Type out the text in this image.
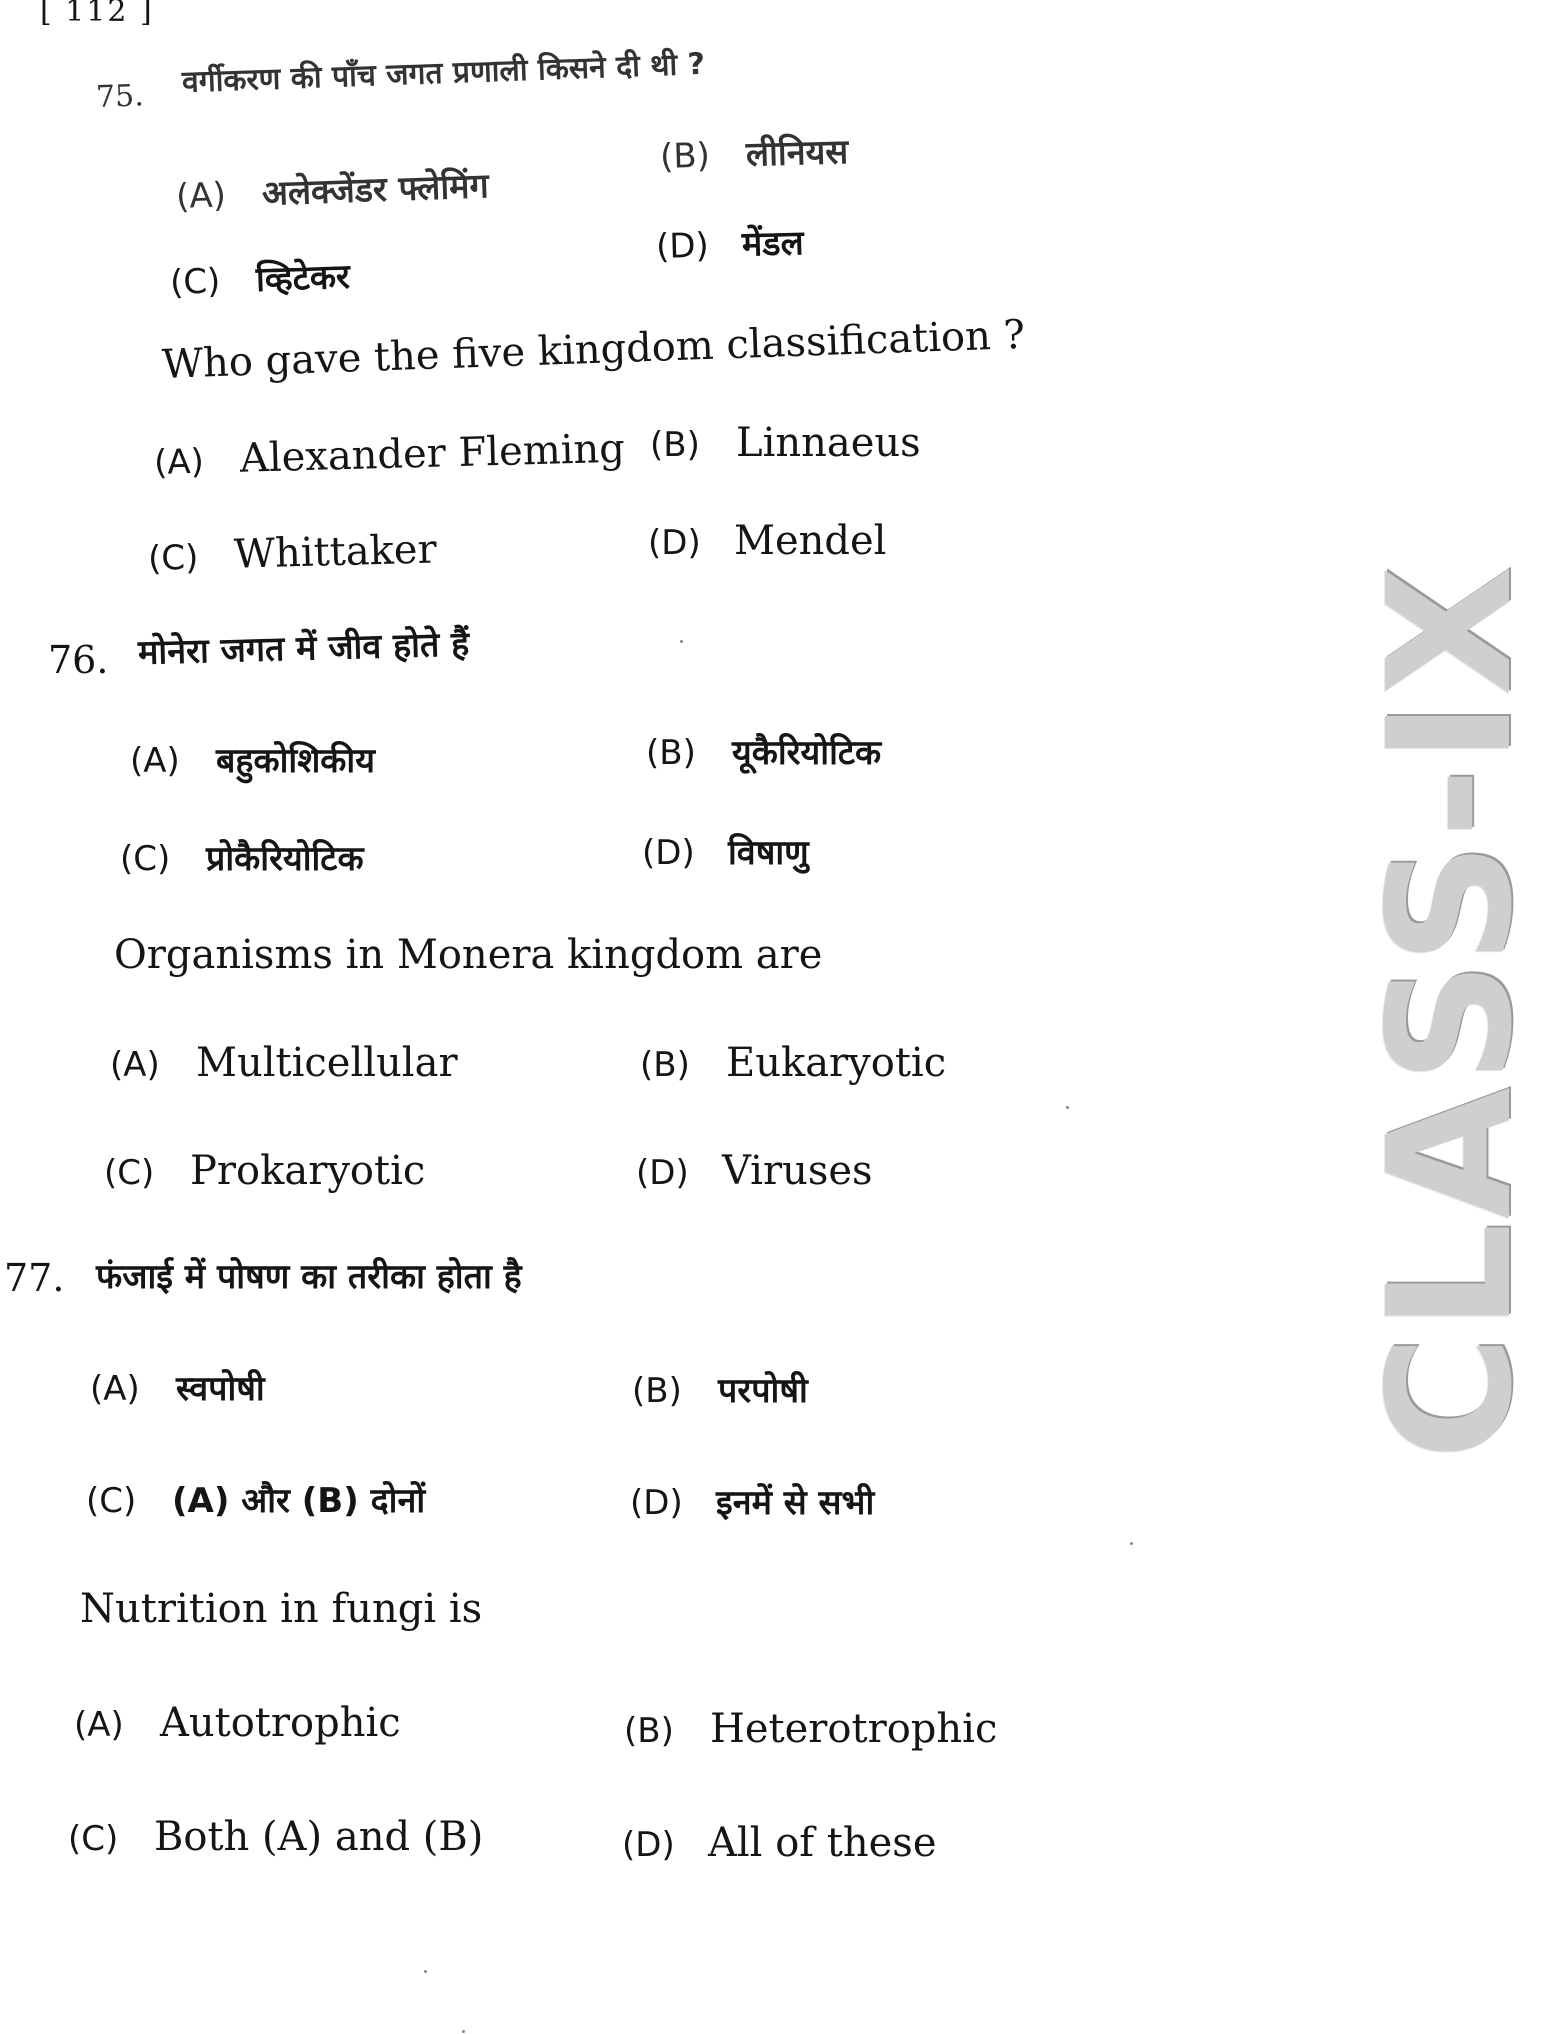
[ 112 ]
CLASS-IX
75. वर्गीकरण की पाँच जगत प्रणाली किसने दी थी ?
(A) अलेक्जेंडर फ्लेमिंग
(B) लीनियस
(C) व्हिटेकर
(D) मेंडल
Who gave the five kingdom classification ?
(A) Alexander Fleming (B) Linnaeus
(C) Whittaker	(D) Mendel
76. मोनेरा जगत में जीव होते हैं
(A) बहुकोशिकीय	(B) यूकैरियोटिक
(C) प्रोकैरियोटिक	(D) विषाणु
Organisms in Monera kingdom are
(A) Multicellular	(B) Eukaryotic
(C) Prokaryotic	(D) Viruses
77. फंजाई में पोषण का तरीका होता है
(A) स्वपोषी	(B) परपोषी
(C) (A) और (B) दोनों	(D) इनमें से सभी
Nutrition in fungi is
(A) Autotrophic	(B) Heterotrophic
(C) Both (A) and (B)	(D) All of these
